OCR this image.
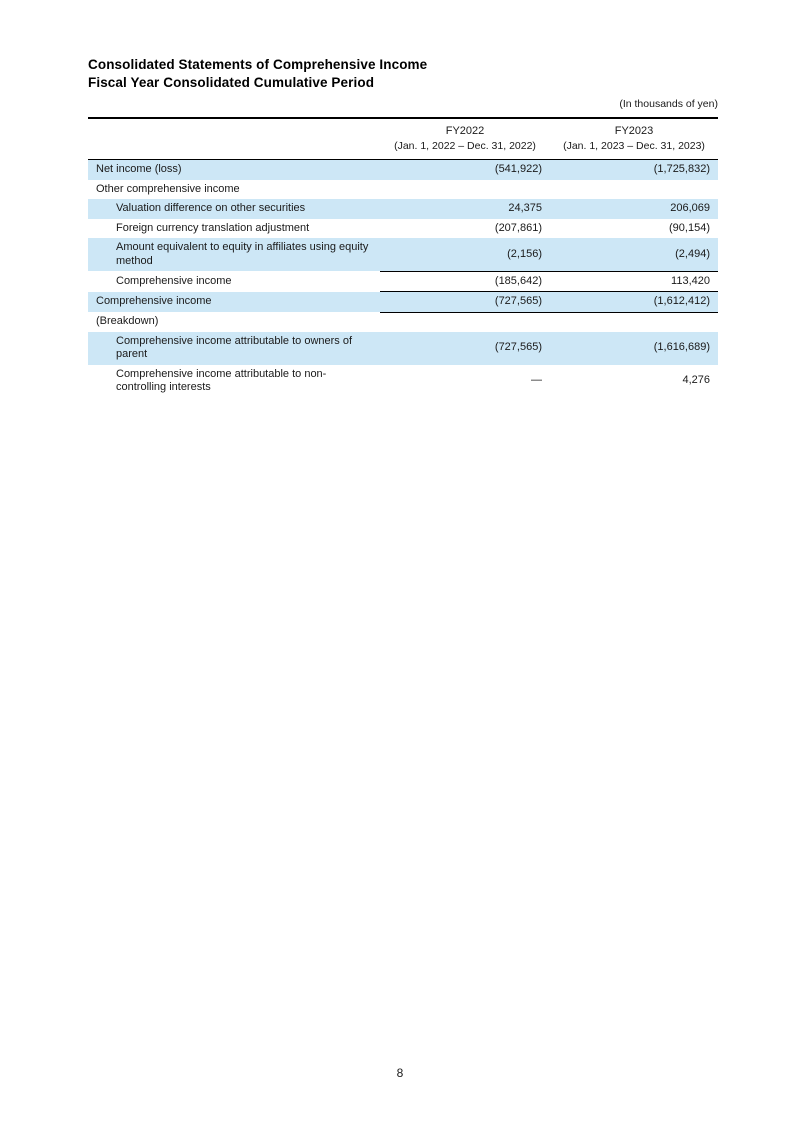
Consolidated Statements of Comprehensive Income
Fiscal Year Consolidated Cumulative Period
(In thousands of yen)

FY2022
(Jan. 1, 2022 – Dec. 31, 2022)

FY2023
(Jan. 1, 2023 – Dec. 31, 2023)

Net income (loss)	(541,922)	(1,725,832)
Other comprehensive income		
Valuation difference on other securities	24,375	206,069
Foreign currency translation adjustment	(207,861)	(90,154)
Amount equivalent to equity in affiliates using equity method	(2,156)	(2,494)
Comprehensive income	(185,642)	113,420
Comprehensive income	(727,565)	(1,612,412)
(Breakdown)		
Comprehensive income attributable to owners of parent	(727,565)	(1,616,689)
Comprehensive income attributable to non-controlling interests	—	4,276
8
